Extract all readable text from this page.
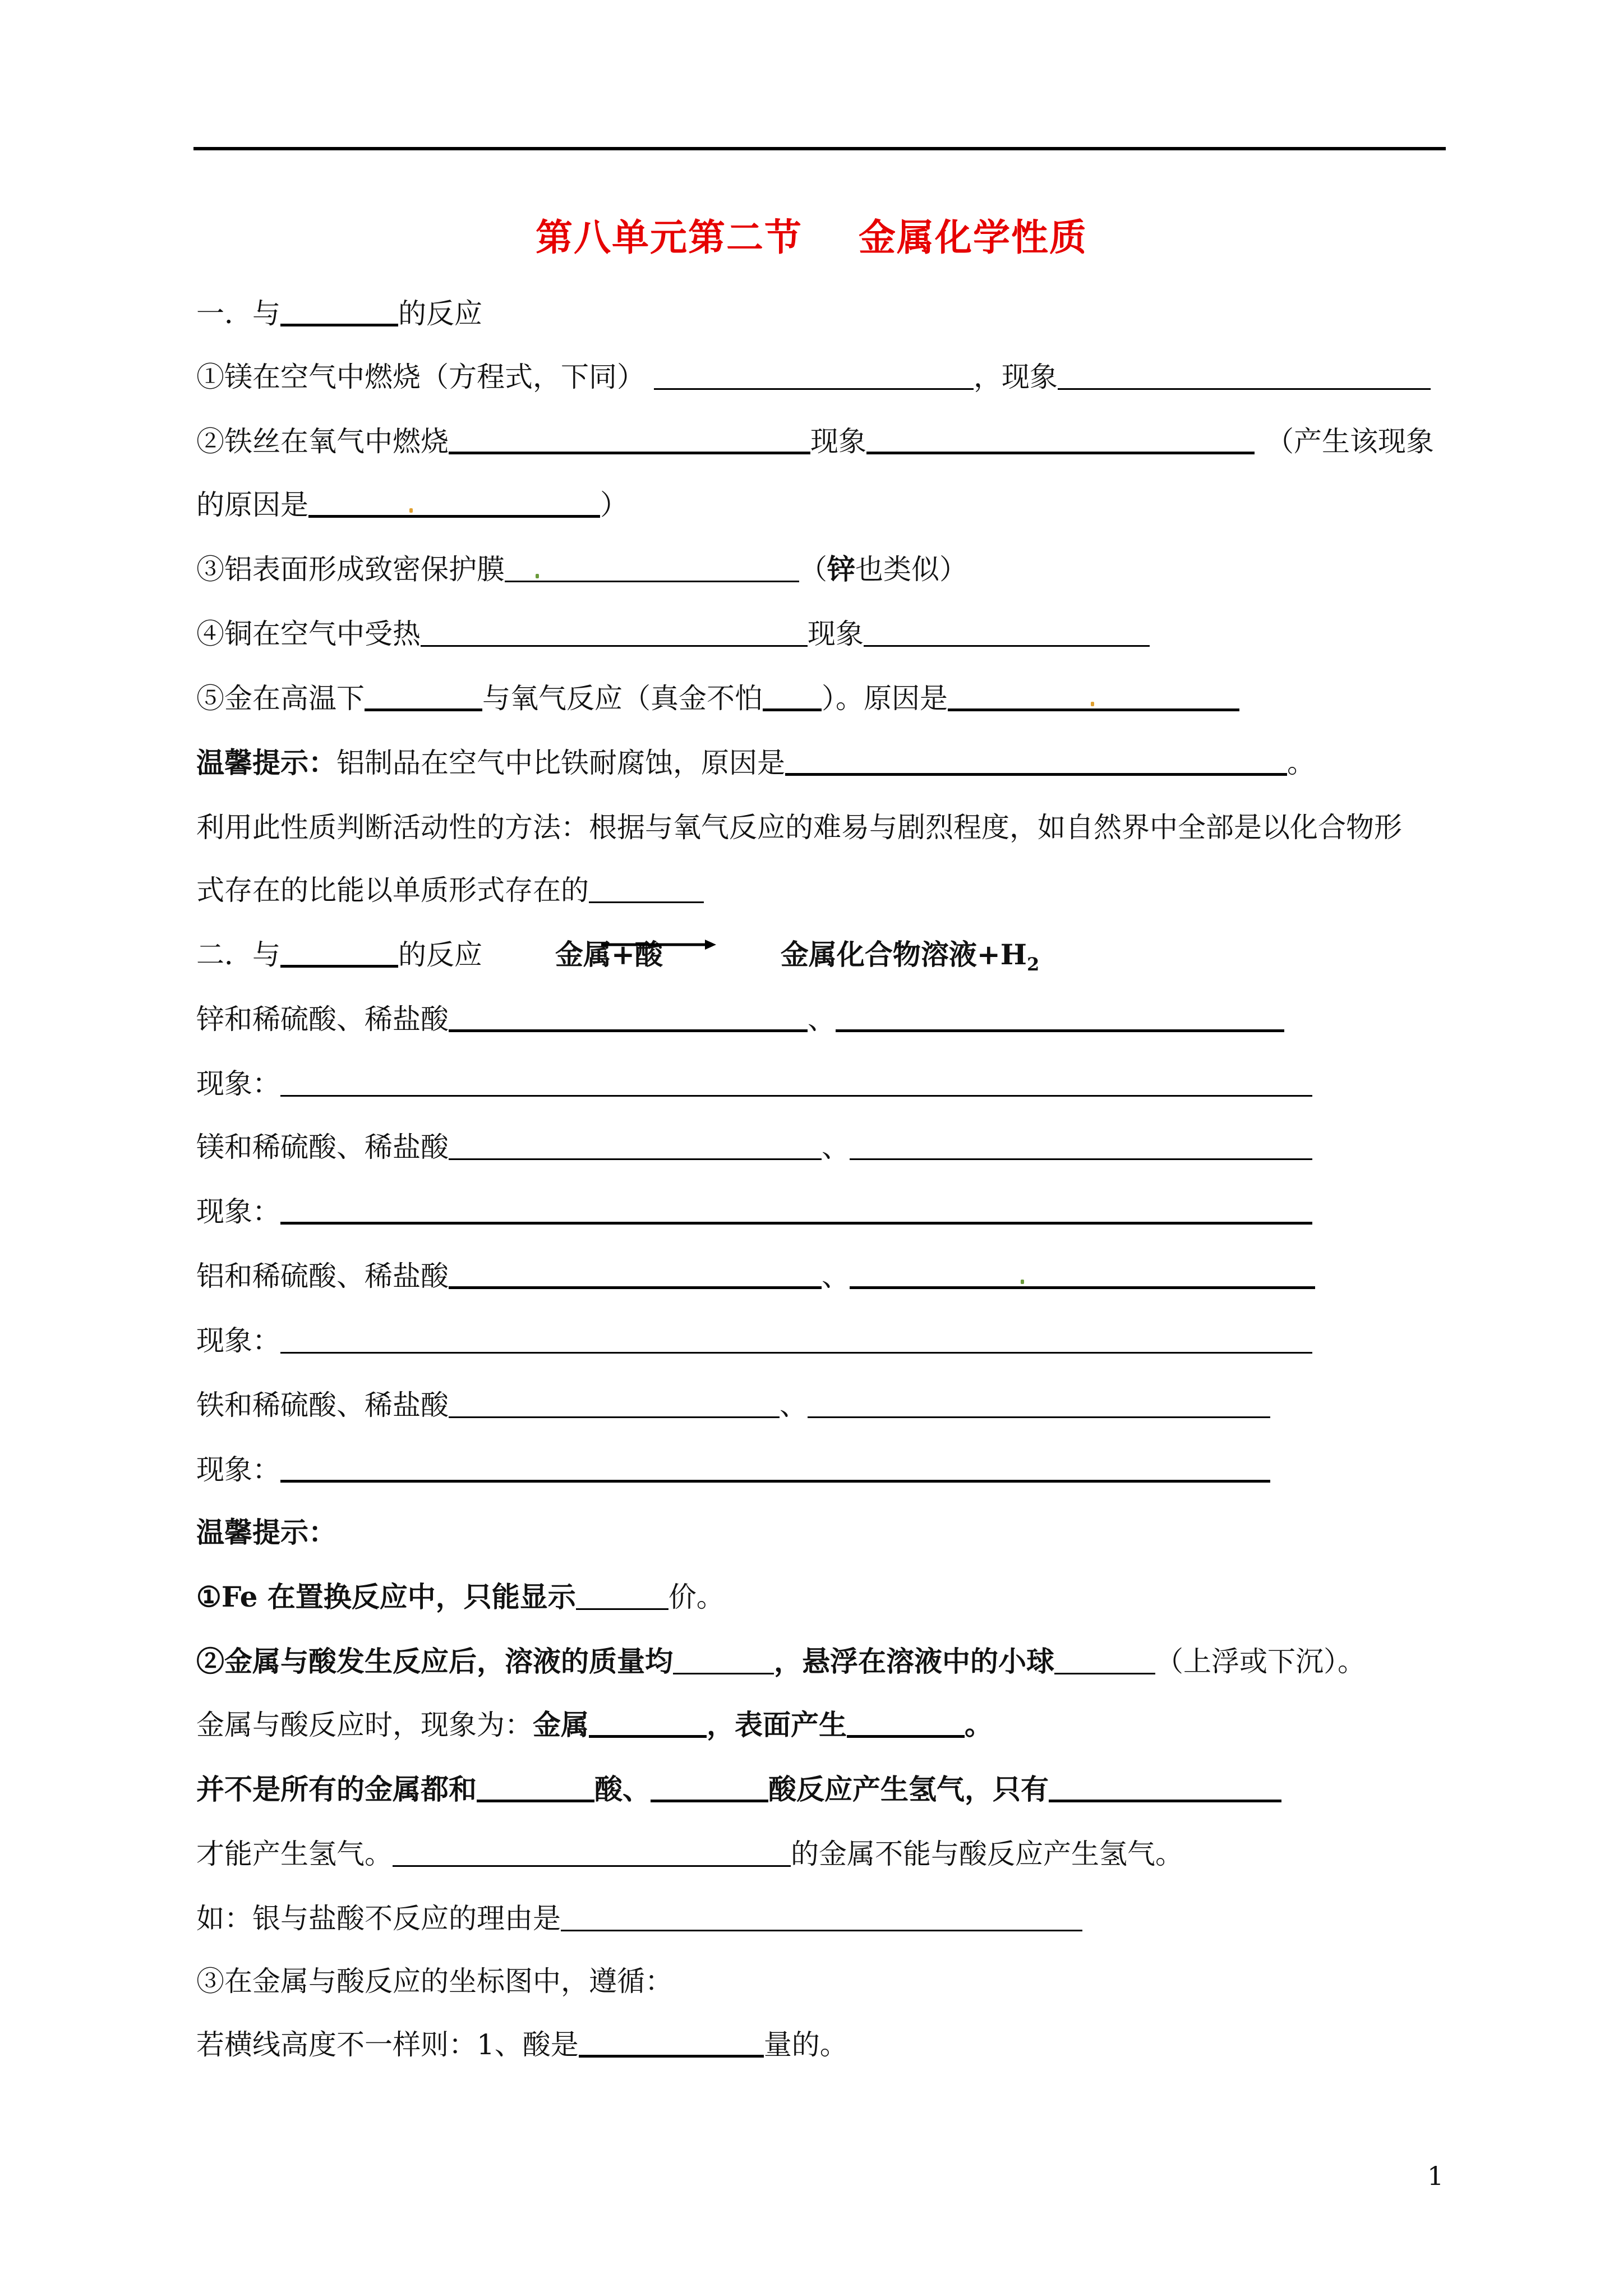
第八单元第二节 金属化学性质
一．与	的反应
①镁在空气中燃烧（方程式，下同）	，现象
②铁丝在氧气中燃烧	现象	（产生该现象
的原因是	）
③铝表面形成致密保护膜	（锌也类似）
④铜在空气中受热	现象
⑤金在高温下	与氧气反应（真金不怕 ）。原因是
温馨提示：铝制品在空气中比铁耐腐蚀，原因是	。
利用此性质判断活动性的方法：根据与氧气反应的难易与剧烈程度，如自然界中全部是以化合物形
式存在的比能以单质形式存在的
二．与	的反应	金属+酸	金属化合物溶液$+H_2$
锌和稀硫酸、稀盐酸	、
现象：
镁和稀硫酸、稀盐酸	、
现象：
铝和稀硫酸、稀盐酸	、
现象：
铁和稀硫酸、稀盐酸	、
现象：
温馨提示：
①Fe 在置换反应中，只能显示	价。
②金属与酸发生反应后，溶液的质量均	，悬浮在溶液中的小球	（上浮或下沉）。
金属与酸反应时，现象为：金属	，表面产生	。
并不是所有的金属都和	酸、	酸反应产生氢气，只有
才能产生氢气。	的金属不能与酸反应产生氢气。
如：银与盐酸不反应的理由是
③在金属与酸反应的坐标图中，遵循：
若横线高度不一样则：1、酸是	量的。
1
